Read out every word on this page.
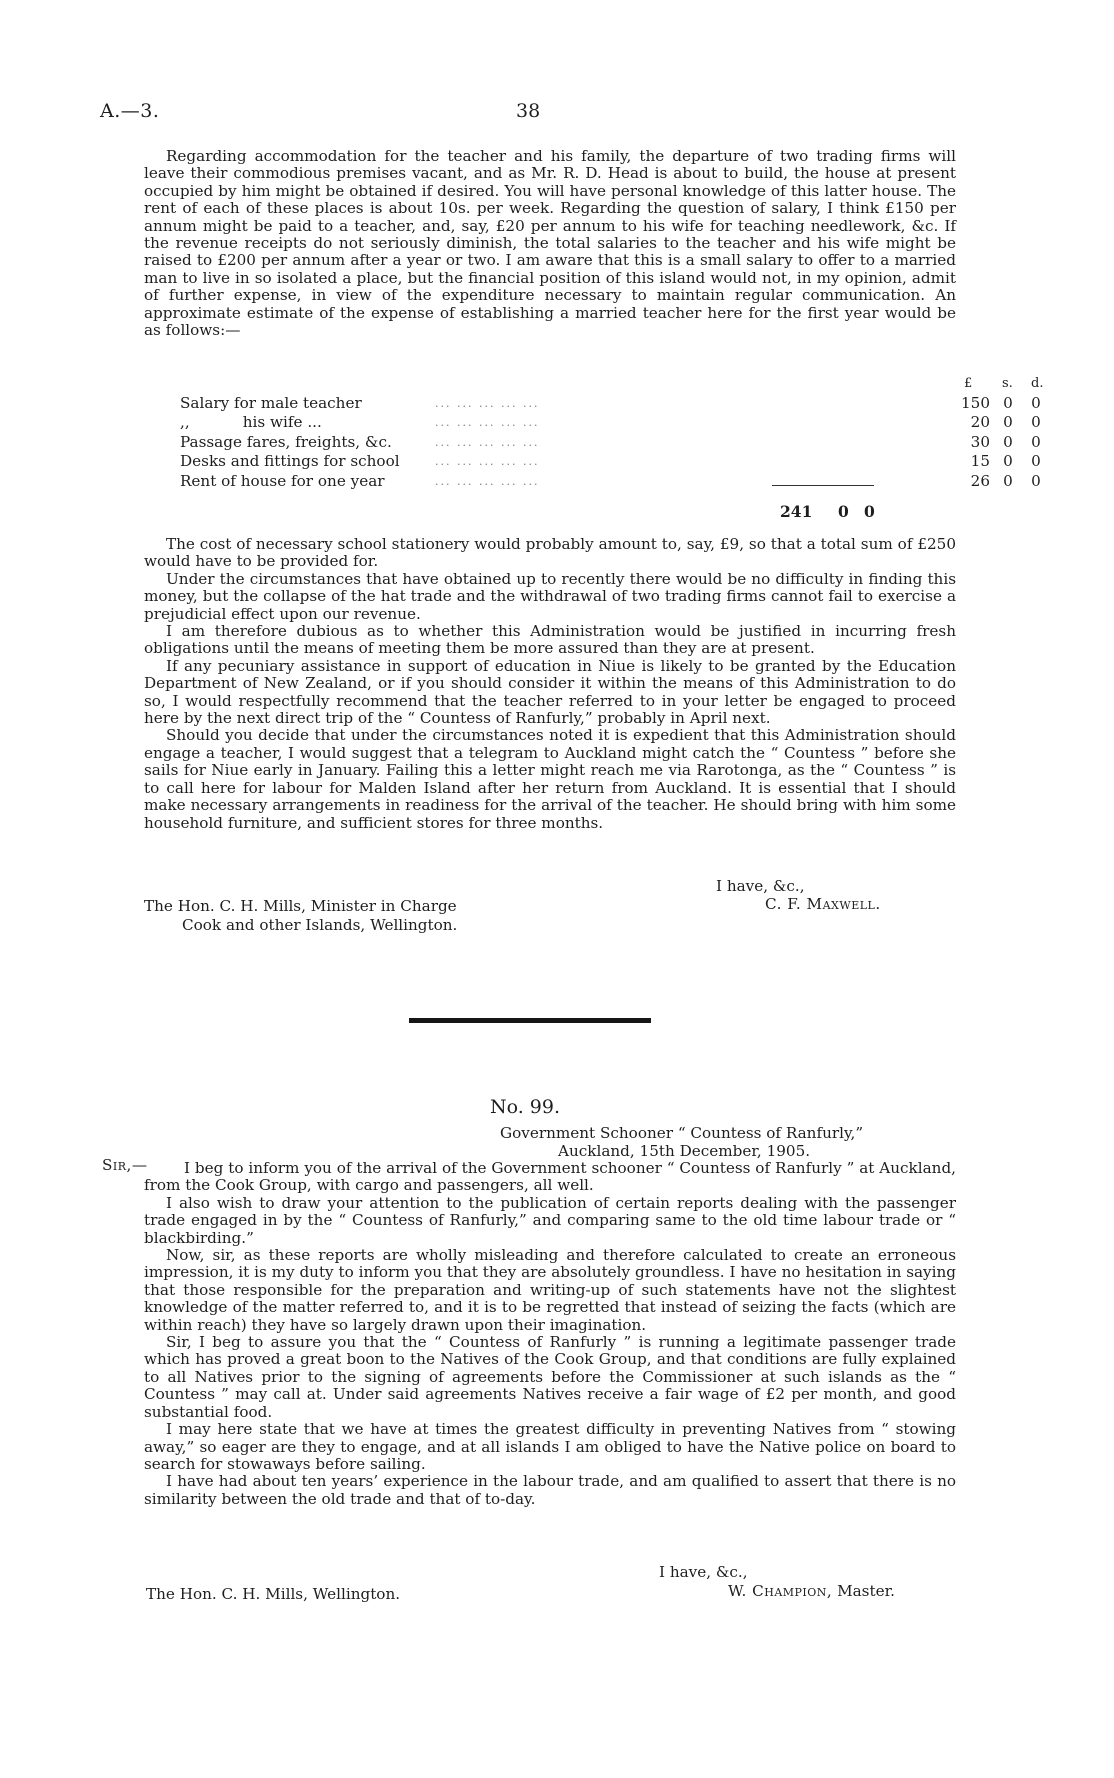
A.—3.	38

Regarding accommodation for the teacher and his family, the departure of two trading firms will leave their commodious premises vacant, and as Mr. R. D. Head is about to build, the house at present occupied by him might be obtained if desired. You will have personal knowledge of this latter house. The rent of each of these places is about 10s. per week. Regarding the question of salary, I think £150 per annum might be paid to a teacher, and, say, £20 per annum to his wife for teaching needlework, &c. If the revenue receipts do not seriously diminish, the total salaries to the teacher and his wife might be raised to £200 per annum after a year or two. I am aware that this is a small salary to offer to a married man to live in so isolated a place, but the financial position of this island would not, in my opinion, admit of further expense, in view of the expenditure necessary to maintain regular communication. An approximate estimate of the expense of establishing a married teacher here for the first year would be as follows:—

£ s. d.
Salary for male teacher	... ... ... ... ...	150 0 0
,,           his wife ...	... ... ... ... ...	20 0 0
Passage fares, freights, &c.	... ... ... ... ...	30 0 0
Desks and fittings for school	... ... ... ... ...	15 0 0
Rent of house for one year	... ... ... ... ...	26 0 0
241 0 0

The cost of necessary school stationery would probably amount to, say, £9, so that a total sum of £250 would have to be provided for.

Under the circumstances that have obtained up to recently there would be no difficulty in finding this money, but the collapse of the hat trade and the withdrawal of two trading firms cannot fail to exercise a prejudicial effect upon our revenue.

I am therefore dubious as to whether this Administration would be justified in incurring fresh obligations until the means of meeting them be more assured than they are at present.

If any pecuniary assistance in support of education in Niue is likely to be granted by the Education Department of New Zealand, or if you should consider it within the means of this Administration to do so, I would respectfully recommend that the teacher referred to in your letter be engaged to proceed here by the next direct trip of the “ Countess of Ranfurly,” probably in April next.

Should you decide that under the circumstances noted it is expedient that this Administration should engage a teacher, I would suggest that a telegram to Auckland might catch the “ Countess ” before she sails for Niue early in January. Failing this a letter might reach me via Rarotonga, as the “ Countess ” is to call here for labour for Malden Island after her return from Auckland. It is essential that I should make necessary arrangements in readiness for the arrival of the teacher. He should bring with him some household furniture, and sufficient stores for three months.

I have, &c.,
C. F. Maxwell.
The Hon. C. H. Mills, Minister in Charge
Cook and other Islands, Wellington.
No. 99.
Government Schooner “ Countess of Ranfurly,”
Auckland, 15th December, 1905.
Sir,—	I beg to inform you of the arrival of the Government schooner “ Countess of Ranfurly ” at Auckland, from the Cook Group, with cargo and passengers, all well.

I also wish to draw your attention to the publication of certain reports dealing with the passenger trade engaged in by the “ Countess of Ranfurly,” and comparing same to the old time labour trade or “ blackbirding.”

Now, sir, as these reports are wholly misleading and therefore calculated to create an erroneous impression, it is my duty to inform you that they are absolutely groundless. I have no hesitation in saying that those responsible for the preparation and writing-up of such statements have not the slightest knowledge of the matter referred to, and it is to be regretted that instead of seizing the facts (which are within reach) they have so largely drawn upon their imagination.

Sir, I beg to assure you that the “ Countess of Ranfurly ” is running a legitimate passenger trade which has proved a great boon to the Natives of the Cook Group, and that conditions are fully explained to all Natives prior to the signing of agreements before the Commissioner at such islands as the “ Countess ” may call at. Under said agreements Natives receive a fair wage of £2 per month, and good substantial food.

I may here state that we have at times the greatest difficulty in preventing Natives from “ stowing away,” so eager are they to engage, and at all islands I am obliged to have the Native police on board to search for stowaways before sailing.

I have had about ten years’ experience in the labour trade, and am qualified to assert that there is no similarity between the old trade and that of to-day.

I have, &c.,
W. Champion, Master.
The Hon. C. H. Mills, Wellington.
